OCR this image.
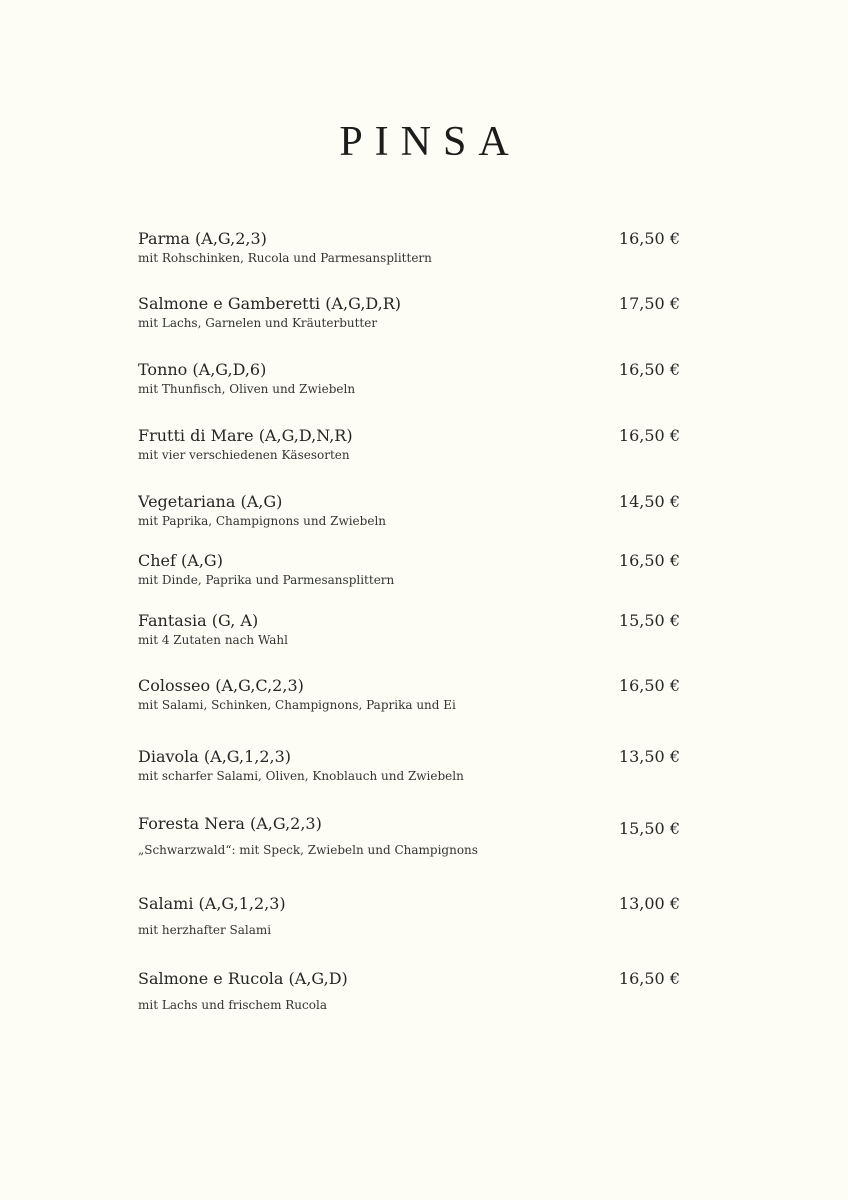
PINSA
Parma (A,G,2,3)	16,50 €
mit Rohschinken, Rucola und Parmesansplittern
Salmone e Gamberetti (A,G,D,R)	17,50 €
mit Lachs, Garnelen und Kräuterbutter
Tonno (A,G,D,6)	16,50 €
mit Thunfisch, Oliven und Zwiebeln
Frutti di Mare (A,G,D,N,R)	16,50 €
mit vier verschiedenen Käsesorten
Vegetariana (A,G)	14,50 €
mit Paprika, Champignons und Zwiebeln
Chef (A,G)	16,50 €
mit Dinde, Paprika und Parmesansplittern
Fantasia (G, A)	15,50 €
mit 4 Zutaten nach Wahl
Colosseo (A,G,C,2,3)	16,50 €
mit Salami, Schinken, Champignons, Paprika und Ei
Diavola (A,G,1,2,3)	13,50 €
mit scharfer Salami, Oliven, Knoblauch und Zwiebeln
Foresta Nera (A,G,2,3)	15,50 €
„Schwarzwald“: mit Speck, Zwiebeln und Champignons
Salami (A,G,1,2,3)	13,00 €
mit herzhafter Salami
Salmone e Rucola (A,G,D)	16,50 €
mit Lachs und frischem Rucola
